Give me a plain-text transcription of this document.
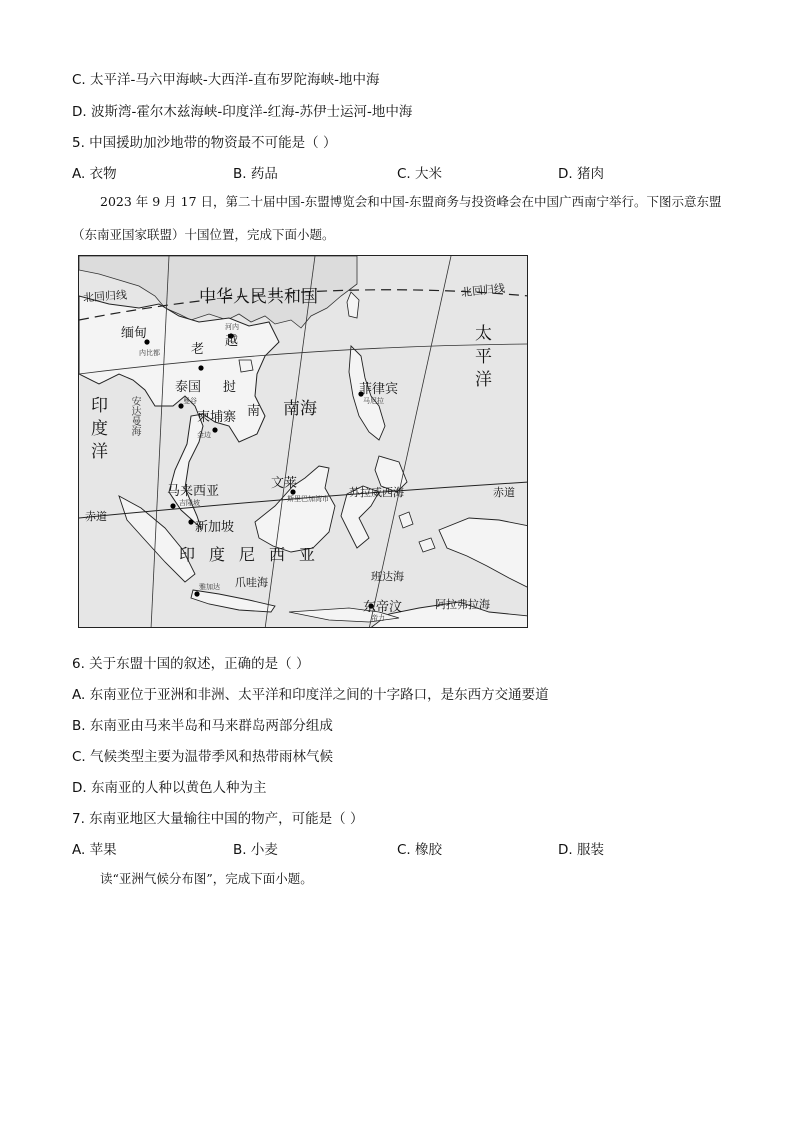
C. 太平洋-马六甲海峡-大西洋-直布罗陀海峡-地中海
D. 波斯湾-霍尔木兹海峡-印度洋-红海-苏伊士运河-地中海
5. 中国援助加沙地带的物资最不可能是（ ）
A. 衣物	B. 药品	C. 大米	D. 猪肉
2023 年 9 月 17 日，第二十届中国-东盟博览会和中国-东盟商务与投资峰会在中国广西南宁举行。下图示意东盟（东南亚国家联盟）十国位置，完成下面小题。
中华人民共和国
北回归线	北回归线
赤道
赤道
缅甸
内比都 老
越
河内
泰国 挝
曼谷
柬埔寨
金边
南 南海
菲律宾
马尼拉
太平洋
印度洋	安达曼海
马来西亚
吉隆坡
文莱
斯里巴加湾市 苏拉威西海
新加坡
印度尼西亚
爪哇海	班达海
雅加达
东帝汶
帝力
阿拉弗拉海
6. 关于东盟十国的叙述，正确的是（ ）
A. 东南亚位于亚洲和非洲、太平洋和印度洋之间的十字路口，是东西方交通要道
B. 东南亚由马来半岛和马来群岛两部分组成
C. 气候类型主要为温带季风和热带雨林气候
D. 东南亚的人种以黄色人种为主
7. 东南亚地区大量输往中国的物产，可能是（ ）
A. 苹果	B. 小麦	C. 橡胶	D. 服装
读“亚洲气候分布图”，完成下面小题。
